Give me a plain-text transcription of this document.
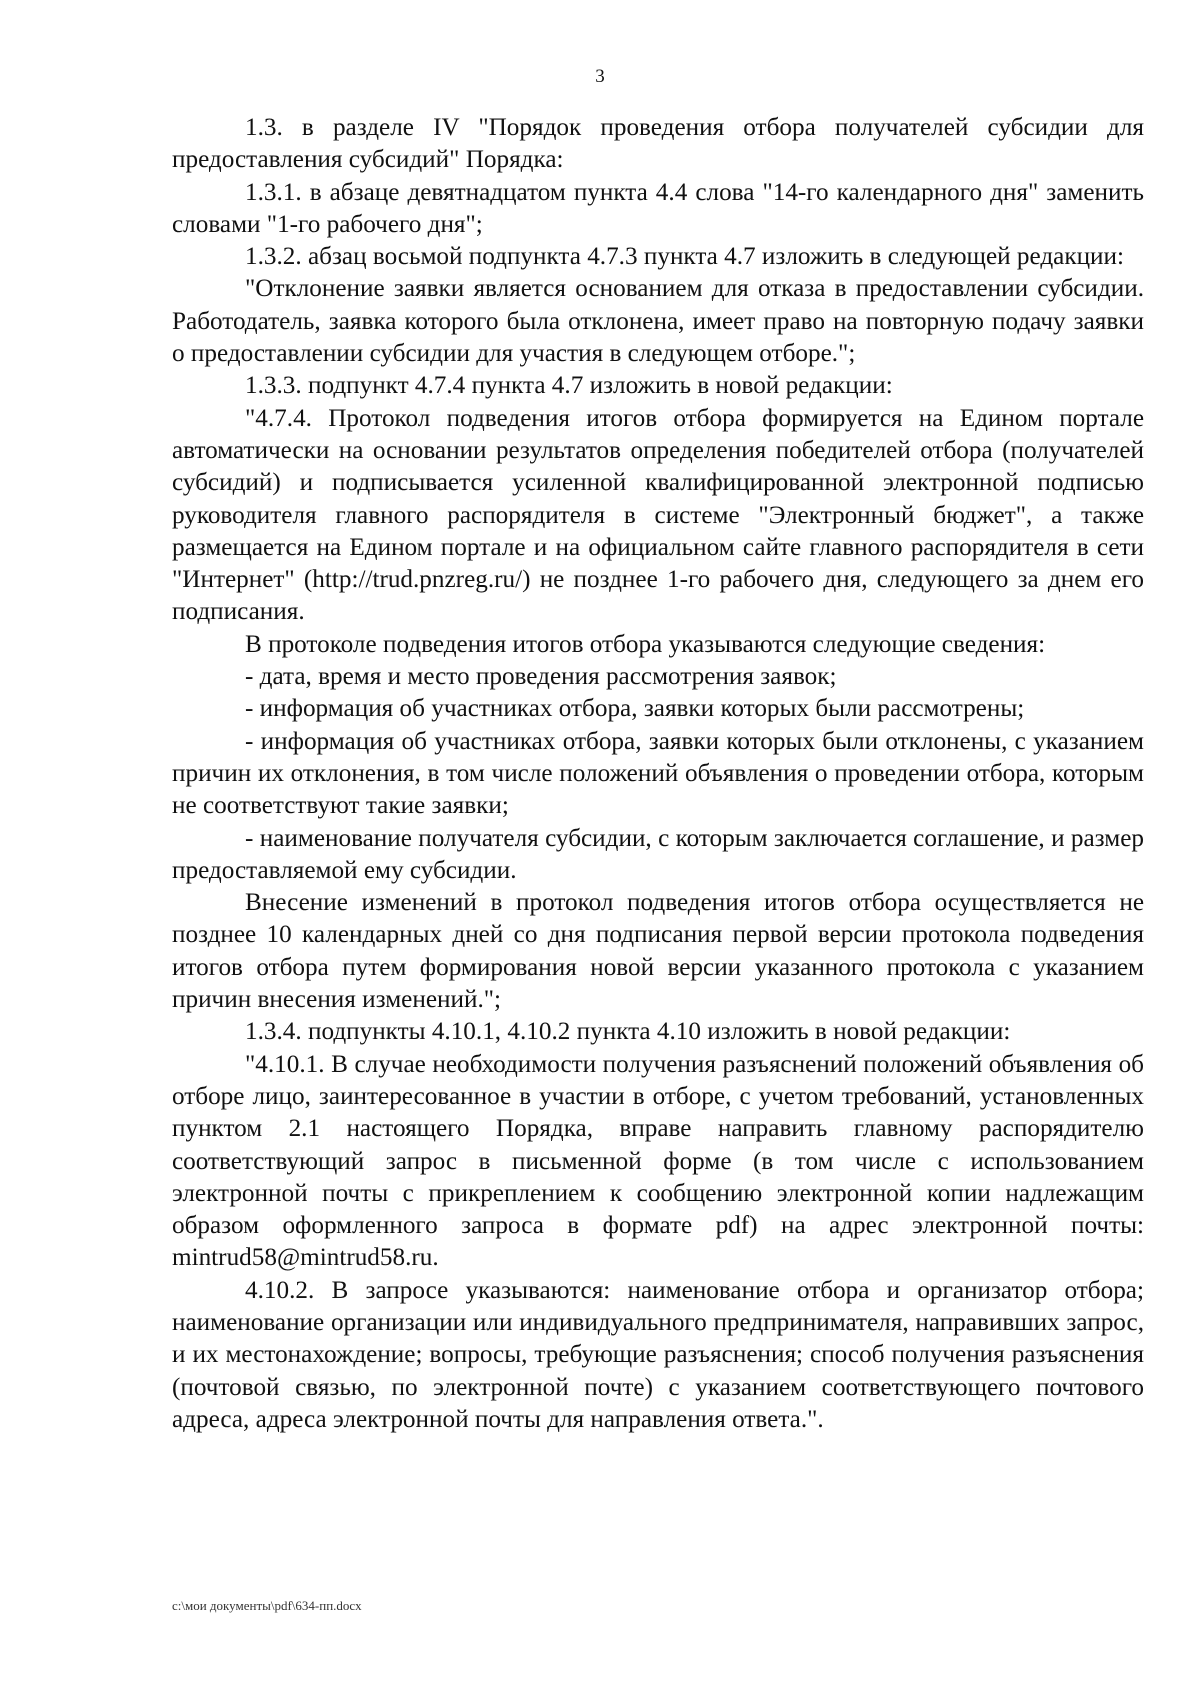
3

1.3. в разделе IV "Порядок проведения отбора получателей субсидии для предоставления субсидий" Порядка:

1.3.1. в абзаце девятнадцатом пункта 4.4 слова "14-го календарного дня" заменить словами "1-го рабочего дня";

1.3.2. абзац восьмой подпункта 4.7.3 пункта 4.7 изложить в следующей редакции:

"Отклонение заявки является основанием для отказа в предоставлении субсидии. Работодатель, заявка которого была отклонена, имеет право на повторную подачу заявки о предоставлении субсидии для участия в следующем отборе.";

1.3.3. подпункт 4.7.4 пункта 4.7 изложить в новой редакции:

"4.7.4. Протокол подведения итогов отбора формируется на Едином портале автоматически на основании результатов определения победителей отбора (получателей субсидий) и подписывается усиленной квалифицированной электронной подписью руководителя главного распорядителя в системе "Электронный бюджет", а также размещается на Едином портале и на официальном сайте главного распорядителя в сети "Интернет" (http://trud.pnzreg.ru/) не позднее 1-го рабочего дня, следующего за днем его подписания.

В протоколе подведения итогов отбора указываются следующие сведения:

- дата, время и место проведения рассмотрения заявок;

- информация об участниках отбора, заявки которых были рассмотрены;

- информация об участниках отбора, заявки которых были отклонены, с указанием причин их отклонения, в том числе положений объявления о проведении отбора, которым не соответствуют такие заявки;

- наименование получателя субсидии, с которым заключается соглашение, и размер предоставляемой ему субсидии.

Внесение изменений в протокол подведения итогов отбора осуществляется не позднее 10 календарных дней со дня подписания первой версии протокола подведения итогов отбора путем формирования новой версии указанного протокола с указанием причин внесения изменений.";

1.3.4. подпункты 4.10.1, 4.10.2 пункта 4.10 изложить в новой редакции:

"4.10.1. В случае необходимости получения разъяснений положений объявления об отборе лицо, заинтересованное в участии в отборе, с учетом требований, установленных пунктом 2.1 настоящего Порядка, вправе направить главному распорядителю соответствующий запрос в письменной форме (в том числе с использованием электронной почты с прикреплением к сообщению электронной копии надлежащим образом оформленного запроса в формате pdf) на адрес электронной почты: mintrud58@mintrud58.ru.

4.10.2. В запросе указываются: наименование отбора и организатор отбора; наименование организации или индивидуального предпринимателя, направивших запрос, и их местонахождение; вопросы, требующие разъяснения; способ получения разъяснения (почтовой связью, по электронной почте) с указанием соответствующего почтового адреса, адреса электронной почты для направления ответа.".

c:\мои документы\pdf\634-пп.docx
